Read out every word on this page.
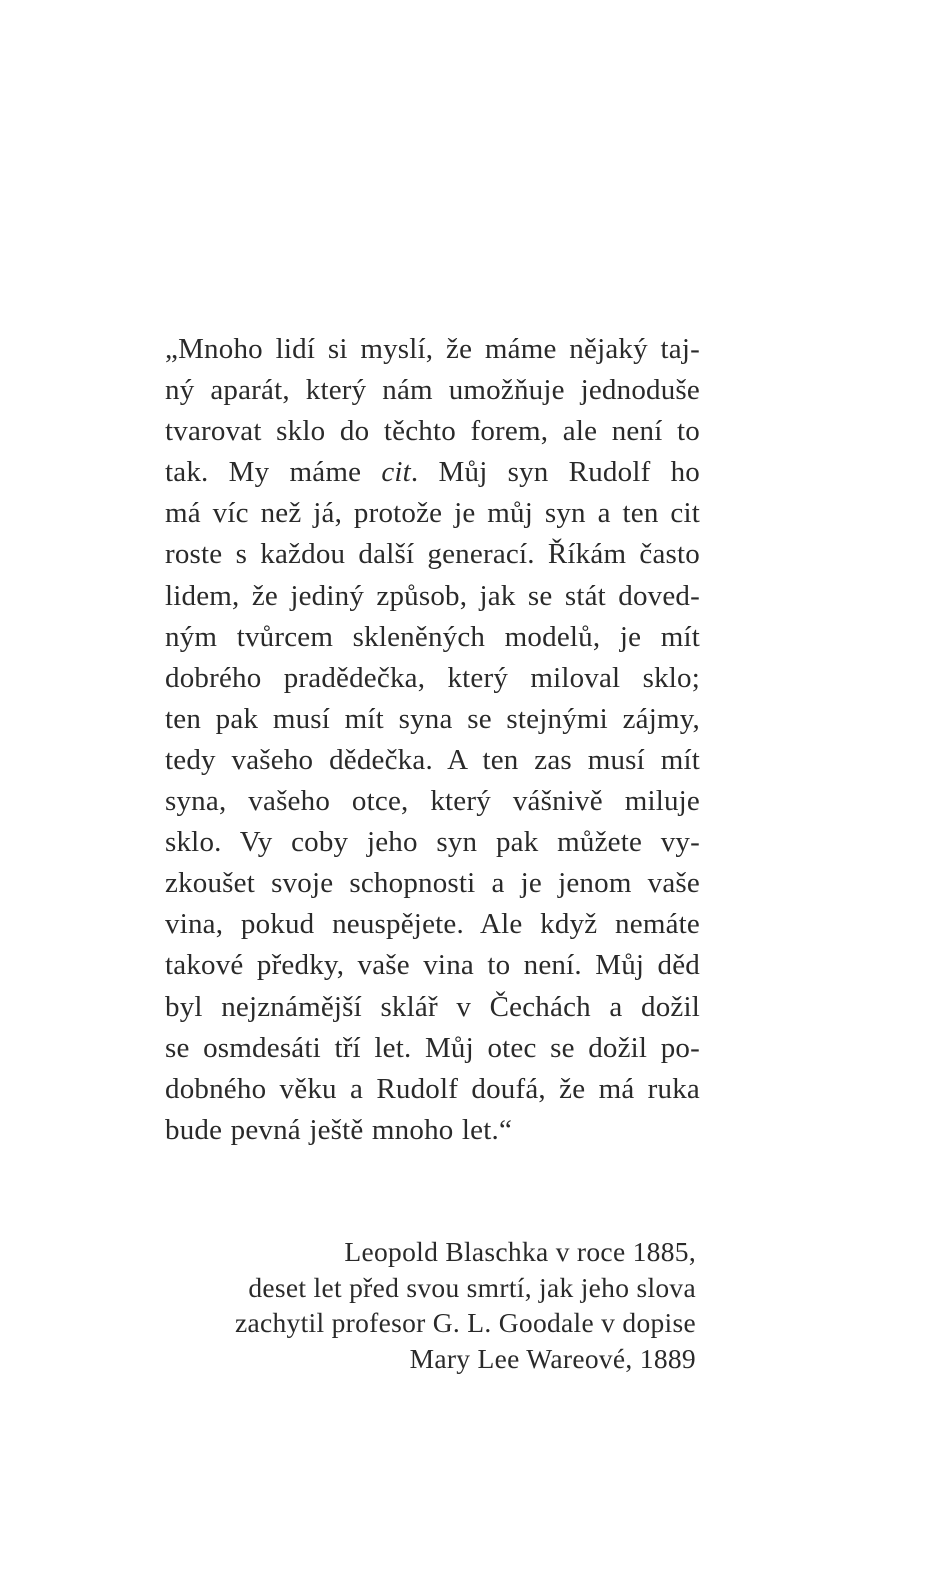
„Mnoho lidí si myslí, že máme nějaký taj-
ný aparát, který nám umožňuje jednoduše
tvarovat sklo do těchto forem, ale není to
tak. My máme cit. Můj syn Rudolf ho
má víc než já, protože je můj syn a ten cit
roste s každou další generací. Říkám často
lidem, že jediný způsob, jak se stát doved-
ným tvůrcem skleněných modelů, je mít
dobrého pradědečka, který miloval sklo;
ten pak musí mít syna se stejnými zájmy,
tedy vašeho dědečka. A ten zas musí mít
syna, vašeho otce, který vášnivě miluje
sklo. Vy coby jeho syn pak můžete vy-
zkoušet svoje schopnosti a je jenom vaše
vina, pokud neuspějete. Ale když nemáte
takové předky, vaše vina to není. Můj děd
byl nejznámější sklář v Čechách a dožil
se osmdesáti tří let. Můj otec se dožil po-
dobného věku a Rudolf doufá, že má ruka
bude pevná ještě mnoho let.“
Leopold Blaschka v roce 1885,
deset let před svou smrtí, jak jeho slova
zachytil profesor G. L. Goodale v dopise
Mary Lee Wareové, 1889
